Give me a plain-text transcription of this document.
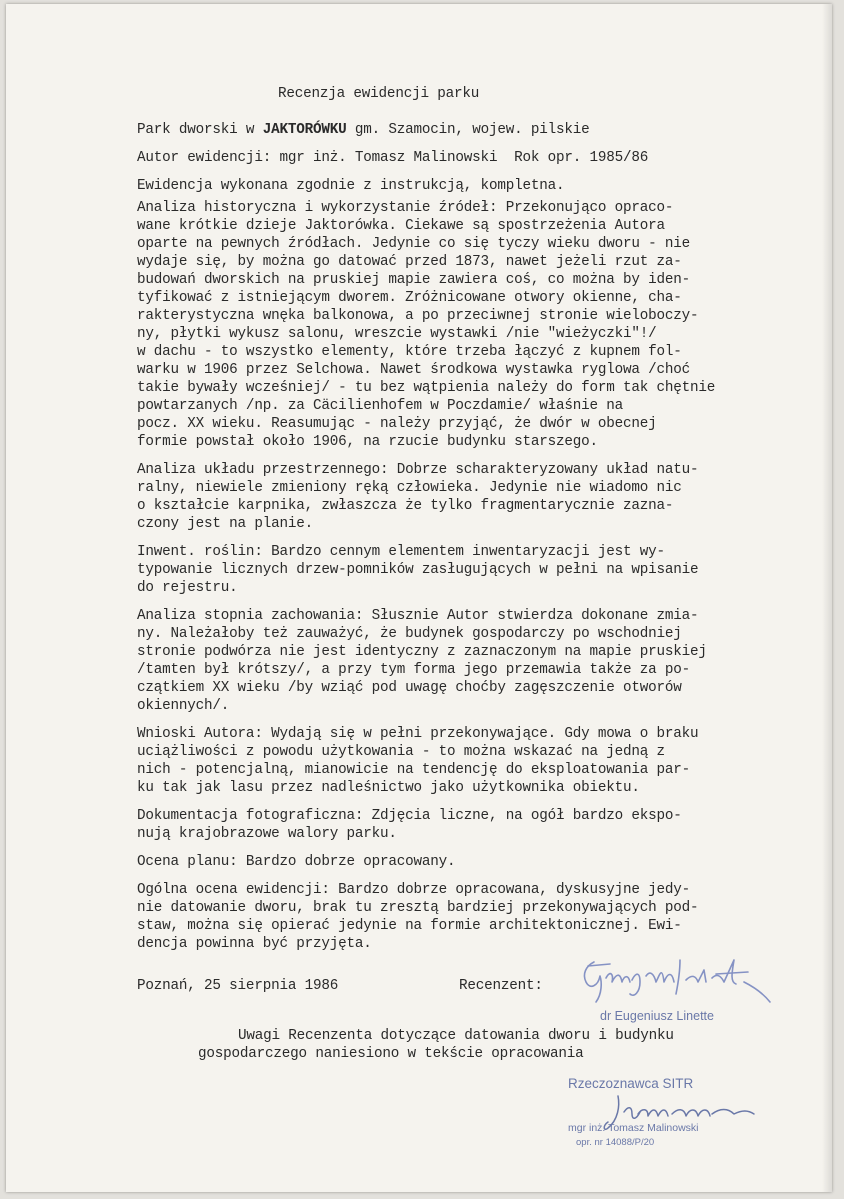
Recenzja ewidencji parku
Park dworski w JAKTORÓWKU gm. Szamocin, wojew. pilskie
Autor ewidencji: mgr inż. Tomasz Malinowski  Rok opr. 1985/86
Ewidencja wykonana zgodnie z instrukcją, kompletna.
Analiza historyczna i wykorzystanie źródeł: Przekonująco opraco-
wane krótkie dzieje Jaktorówka. Ciekawe są spostrzeżenia Autora
oparte na pewnych źródłach. Jedynie co się tyczy wieku dworu - nie
wydaje się, by można go datować przed 1873, nawet jeżeli rzut za-
budowań dworskich na pruskiej mapie zawiera coś, co można by iden-
tyfikować z istniejącym dworem. Zróżnicowane otwory okienne, cha-
rakterystyczna wnęka balkonowa, a po przeciwnej stronie wieloboczy-
ny, płytki wykusz salonu, wreszcie wystawki /nie "wieżyczki"!/
w dachu - to wszystko elementy, które trzeba łączyć z kupnem fol-
warku w 1906 przez Selchowa. Nawet środkowa wystawka ryglowa /choć
takie bywały wcześniej/ - tu bez wątpienia należy do form tak chętnie
powtarzanych /np. za Cäcilienhofem w Poczdamie/ właśnie na
pocz. XX wieku. Reasumując - należy przyjąć, że dwór w obecnej
formie powstał około 1906, na rzucie budynku starszego.
Analiza układu przestrzennego: Dobrze scharakteryzowany układ natu-
ralny, niewiele zmieniony ręką człowieka. Jedynie nie wiadomo nic
o kształcie karpnika, zwłaszcza że tylko fragmentarycznie zazna-
czony jest na planie.
Inwent. roślin: Bardzo cennym elementem inwentaryzacji jest wy-
typowanie licznych drzew-pomników zasługujących w pełni na wpisanie
do rejestru.
Analiza stopnia zachowania: Słusznie Autor stwierdza dokonane zmia-
ny. Należałoby też zauważyć, że budynek gospodarczy po wschodniej
stronie podwórza nie jest identyczny z zaznaczonym na mapie pruskiej
/tamten był krótszy/, a przy tym forma jego przemawia także za po-
czątkiem XX wieku /by wziąć pod uwagę choćby zagęszczenie otworów
okiennych/.
Wnioski Autora: Wydają się w pełni przekonywające. Gdy mowa o braku
uciążliwości z powodu użytkowania - to można wskazać na jedną z
nich - potencjalną, mianowicie na tendencję do eksploatowania par-
ku tak jak lasu przez nadleśnictwo jako użytkownika obiektu.
Dokumentacja fotograficzna: Zdjęcia liczne, na ogół bardzo ekspo-
nują krajobrazowe walory parku.
Ocena planu: Bardzo dobrze opracowany.
Ogólna ocena ewidencji: Bardzo dobrze opracowana, dyskusyjne jedy-
nie datowanie dworu, brak tu zresztą bardziej przekonywających pod-
staw, można się opierać jedynie na formie architektonicznej. Ewi-
dencja powinna być przyjęta.
Poznań, 25 sierpnia 1986	Recenzent:
dr Eugeniusz Linette
Uwagi Recenzenta dotyczące datowania dworu i budynku
gospodarczego naniesiono w tekście opracowania
Rzeczoznawca SITR
mgr inż. Tomasz Malinowski
opr. nr 14088/P/20
